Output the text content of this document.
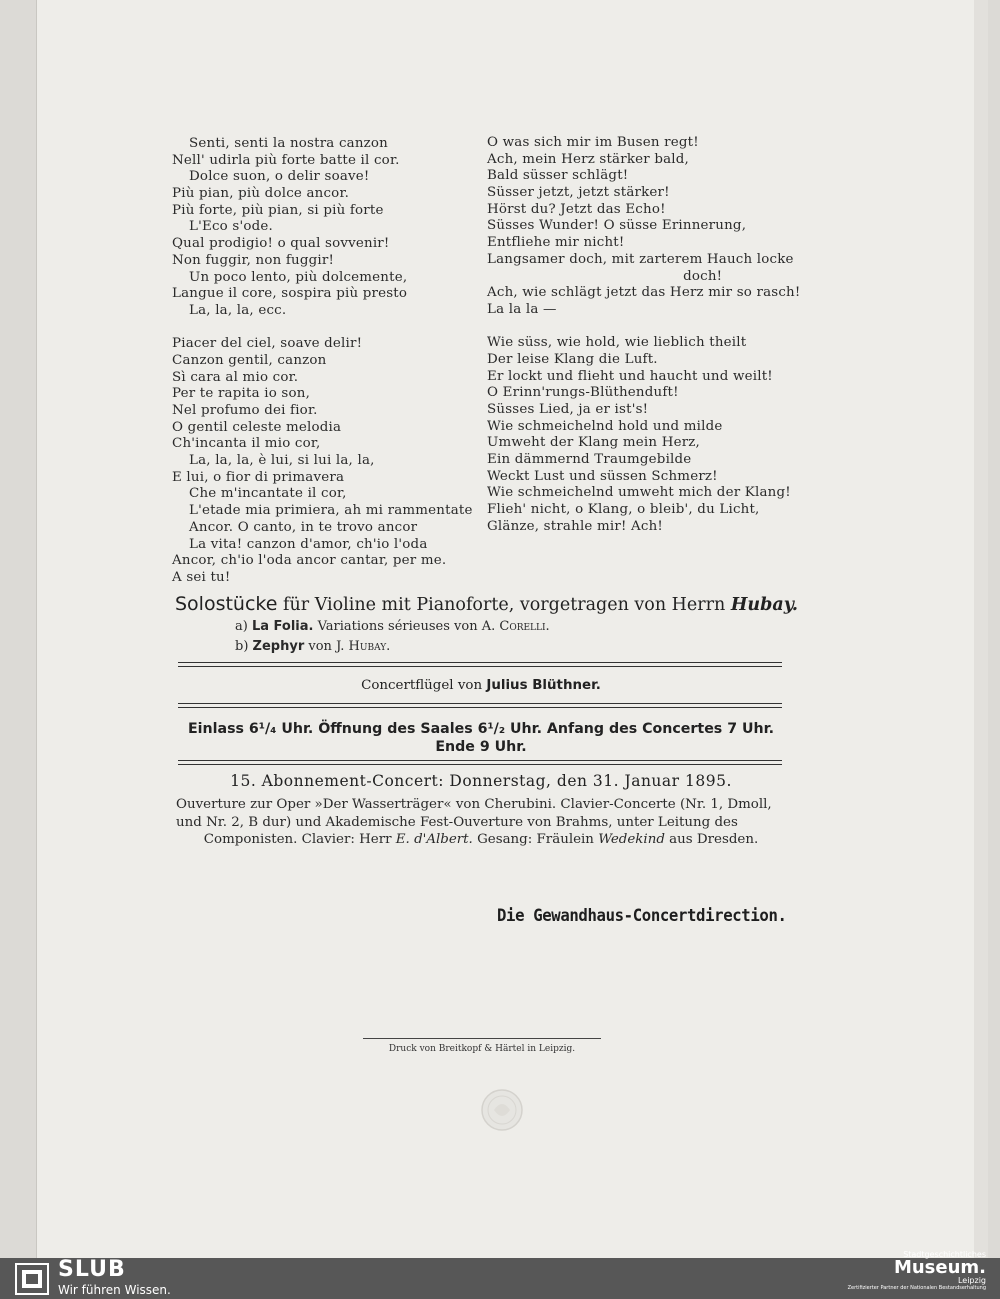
Senti, senti la nostra canzon
Nell' udirla più forte batte il cor.
Dolce suon, o delir soave!
Più pian, più dolce ancor.
Più forte, più pian, si più forte
L'Eco s'ode.
Qual prodigio! o qual sovvenir!
Non fuggir, non fuggir!
Un poco lento, più dolcemente,
Langue il core, sospira più presto
La, la, la, ecc.
Piacer del ciel, soave delir!
Canzon gentil, canzon
Sì cara al mio cor.
Per te rapita io son,
Nel profumo dei fior.
O gentil celeste melodia
Ch'incanta il mio cor,
La, la, la, è lui, si lui la, la,
E lui, o fior di primavera
Che m'incantate il cor,
L'etade mia primiera, ah mi rammentate
Ancor. O canto, in te trovo ancor
La vita! canzon d'amor, ch'io l'oda
Ancor, ch'io l'oda ancor cantar, per me.
A sei tu!
O was sich mir im Busen regt!
Ach, mein Herz stärker bald,
Bald süsser schlägt!
Süsser jetzt, jetzt stärker!
Hörst du? Jetzt das Echo!
Süsses Wunder! O süsse Erinnerung,
Entfliehe mir nicht!
Langsamer doch, mit zarterem Hauch locke
doch!
Ach, wie schlägt jetzt das Herz mir so rasch!
La la la —
Wie süss, wie hold, wie lieblich theilt
Der leise Klang die Luft.
Er lockt und flieht und haucht und weilt!
O Erinn'rungs-Blüthenduft!
Süsses Lied, ja er ist's!
Wie schmeichelnd hold und milde
Umweht der Klang mein Herz,
Ein dämmernd Traumgebilde
Weckt Lust und süssen Schmerz!
Wie schmeichelnd umweht mich der Klang!
Flieh' nicht, o Klang, o bleib', du Licht,
Glänze, strahle mir! Ach!
Solostücke für Violine mit Pianoforte, vorgetragen von Herrn Hubay.
a) La Folia. Variations sérieuses von A. Corelli.
b) Zephyr von J. Hubay.
Concertflügel von Julius Blüthner.
Einlass 6¹/₄ Uhr. Öffnung des Saales 6¹/₂ Uhr. Anfang des Concertes 7 Uhr.
Ende 9 Uhr.
15. Abonnement-Concert: Donnerstag, den 31. Januar 1895.
Ouverture zur Oper »Der Wasserträger« von Cherubini. Clavier-Concerte (Nr. 1, Dmoll,
und Nr. 2, B dur) und Akademische Fest-Ouverture von Brahms, unter Leitung des
Componisten. Clavier: Herr E. d'Albert. Gesang: Fräulein Wedekind aus Dresden.
Die Gewandhaus-Concertdirection.
Druck von Breitkopf & Härtel in Leipzig.
SLUB
Wir führen Wissen.
Stadtgeschichtliches
Museum.
Leipzig
Zertifizierter Partner der Nationalen Bestandserhaltung
